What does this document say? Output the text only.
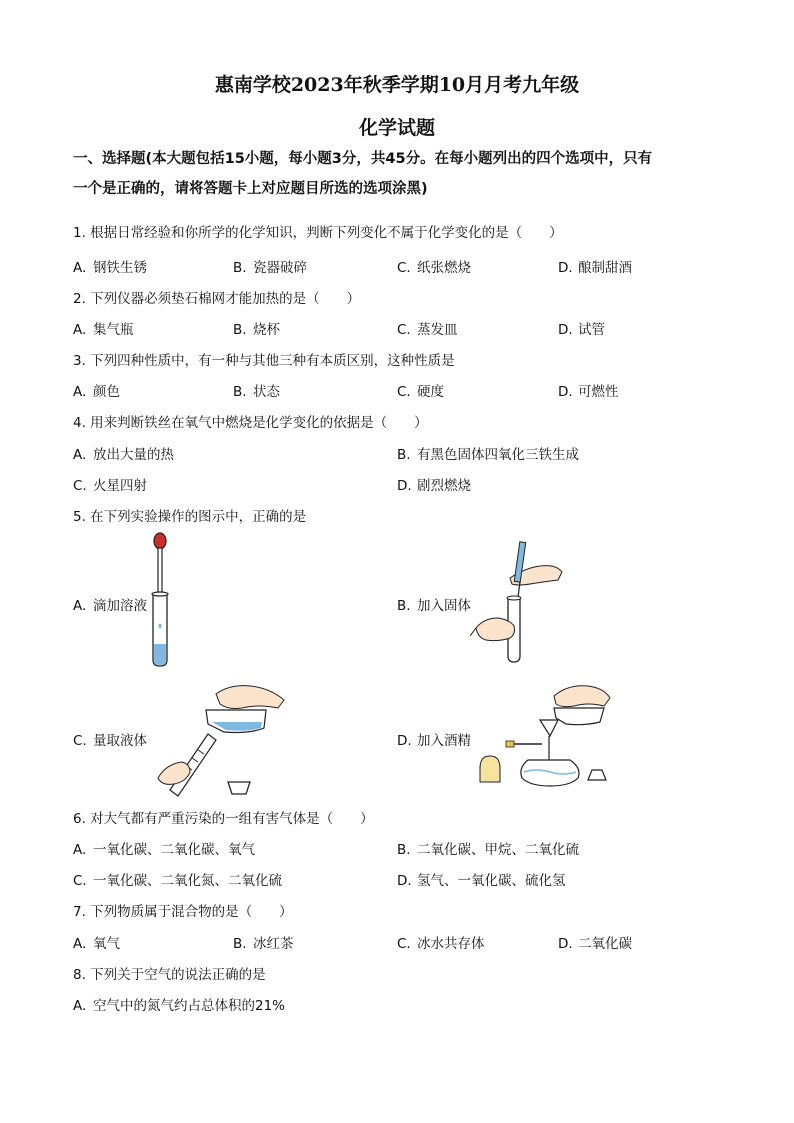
惠南学校2023年秋季学期10月月考九年级
化学试题
一、选择题(本大题包括15小题，每小题3分，共45分。在每小题列出的四个选项中，只有
一个是正确的，请将答题卡上对应题目所选的选项涂黑)
1. 根据日常经验和你所学的化学知识，判断下列变化不属于化学变化的是（　　）
A. 钢铁生锈	B. 瓷器破碎	C. 纸张燃烧	D. 酿制甜酒
2. 下列仪器必须垫石棉网才能加热的是（　　）
A. 集气瓶	B. 烧杯	C. 蒸发皿	D. 试管
3. 下列四种性质中，有一种与其他三种有本质区别，这种性质是
A. 颜色	B. 状态	C. 硬度	D. 可燃性
4. 用来判断铁丝在氧气中燃烧是化学变化的依据是（　　）
A. 放出大量的热	B. 有黑色固体四氧化三铁生成
C. 火星四射	D. 剧烈燃烧
5. 在下列实验操作的图示中，正确的是
A. 滴加溶液	B. 加入固体
C. 量取液体	D. 加入酒精
6. 对大气都有严重污染的一组有害气体是（　　）
A. 一氧化碳、二氧化碳、氧气	B. 二氧化碳、甲烷、二氧化硫
C. 一氧化碳、二氧化氮、二氧化硫	D. 氢气、一氧化碳、硫化氢
7. 下列物质属于混合物的是（　　）
A. 氧气	B. 冰红茶	C. 冰水共存体	D. 二氧化碳
8. 下列关于空气的说法正确的是
A. 空气中的氮气约占总体积的21%
